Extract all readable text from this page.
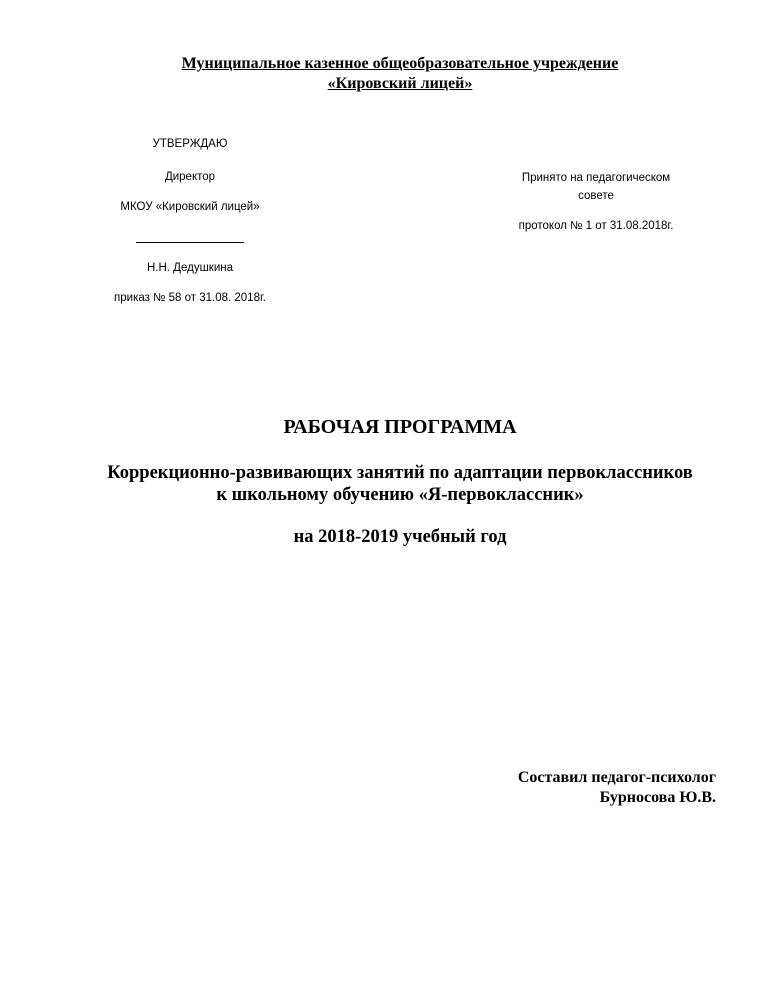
Муниципальное казенное общеобразовательное учреждение
«Кировский лицей»
УТВЕРЖДАЮ
Директор
МКОУ «Кировский лицей»
Н.Н. Дедушкина
приказ № 58 от 31.08. 2018г.
Принято на педагогическом
совете
протокол № 1 от 31.08.2018г.
РАБОЧАЯ ПРОГРАММА
Коррекционно-развивающих занятий по адаптации первоклассников
к школьному обучению «Я-первоклассник»
на 2018-2019 учебный год
Составил педагог-психолог
Бурносова Ю.В.
